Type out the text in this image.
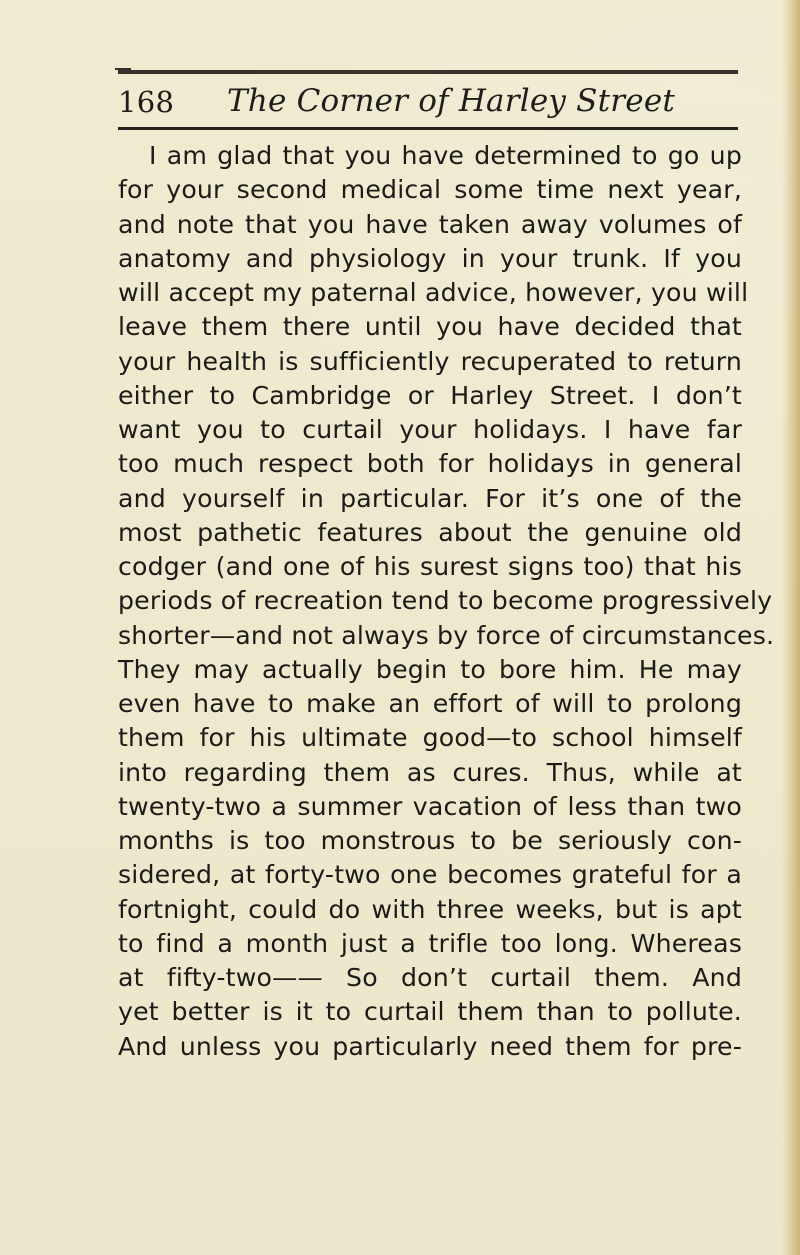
168 The Corner of Harley Street
I am glad that you have determined to go up
for your second medical some time next year,
and note that you have taken away volumes of
anatomy and physiology in your trunk. If you
will accept my paternal advice, however, you will
leave them there until you have decided that
your health is sufficiently recuperated to return
either to Cambridge or Harley Street. I don’t
want you to curtail your holidays. I have far
too much respect both for holidays in general
and yourself in particular. For it’s one of the
most pathetic features about the genuine old
codger (and one of his surest signs too) that his
periods of recreation tend to become progressively
shorter—and not always by force of circumstances.
They may actually begin to bore him. He may
even have to make an effort of will to prolong
them for his ultimate good—to school himself
into regarding them as cures. Thus, while at
twenty-two a summer vacation of less than two
months is too monstrous to be seriously con-
sidered, at forty-two one becomes grateful for a
fortnight, could do with three weeks, but is apt
to find a month just a trifle too long. Whereas
at fifty-two—— So don’t curtail them. And
yet better is it to curtail them than to pollute.
And unless you particularly need them for pre-
